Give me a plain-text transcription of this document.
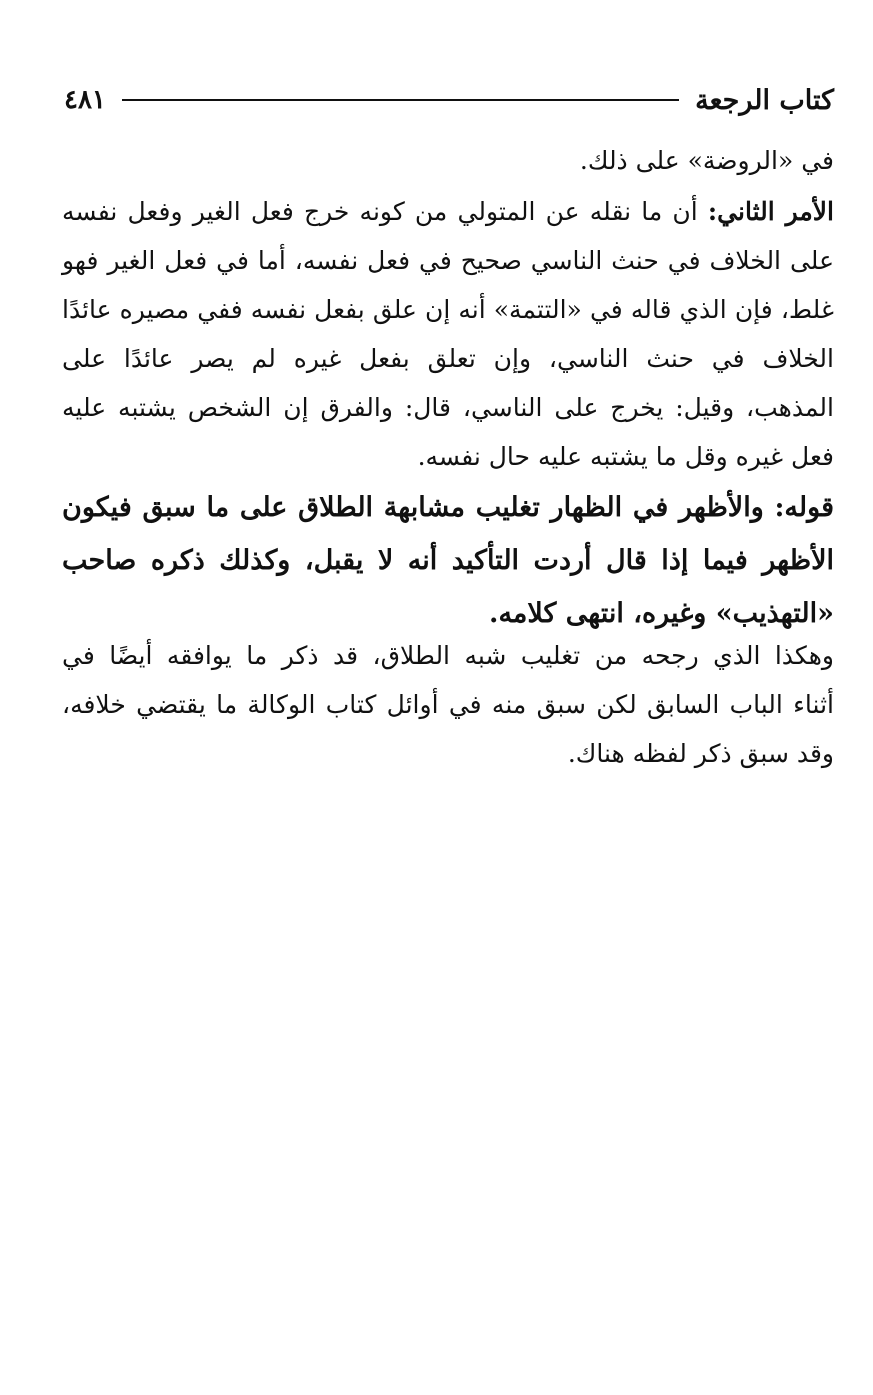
كتاب الرجعة
٤٨١

في «الروضة» على ذلك.

الأمر الثاني: أن ما نقله عن المتولي من كونه خرج فعل الغير وفعل نفسه
على الخلاف في حنث الناسي صحيح في فعل نفسه، أما في فعل الغير فهو
غلط، فإن الذي قاله في «التتمة» أنه إن علق بفعل نفسه ففي مصيره عائدًا
الخلاف في حنث الناسي، وإن تعلق بفعل غيره لم يصر عائدًا على
المذهب، وقيل: يخرج على الناسي، قال: والفرق إن الشخص يشتبه عليه
فعل غيره وقل ما يشتبه عليه حال نفسه.

قوله: والأظهر في الظهار تغليب مشابهة الطلاق على ما سبق فيكون
الأظهر فيما إذا قال أردت التأكيد أنه لا يقبل، وكذلك ذكره صاحب
«التهذيب» وغيره، انتهى كلامه.

وهكذا الذي رجحه من تغليب شبه الطلاق، قد ذكر ما يوافقه أيضًا في
أثناء الباب السابق لكن سبق منه في أوائل كتاب الوكالة ما يقتضي خلافه،
وقد سبق ذكر لفظه هناك.
